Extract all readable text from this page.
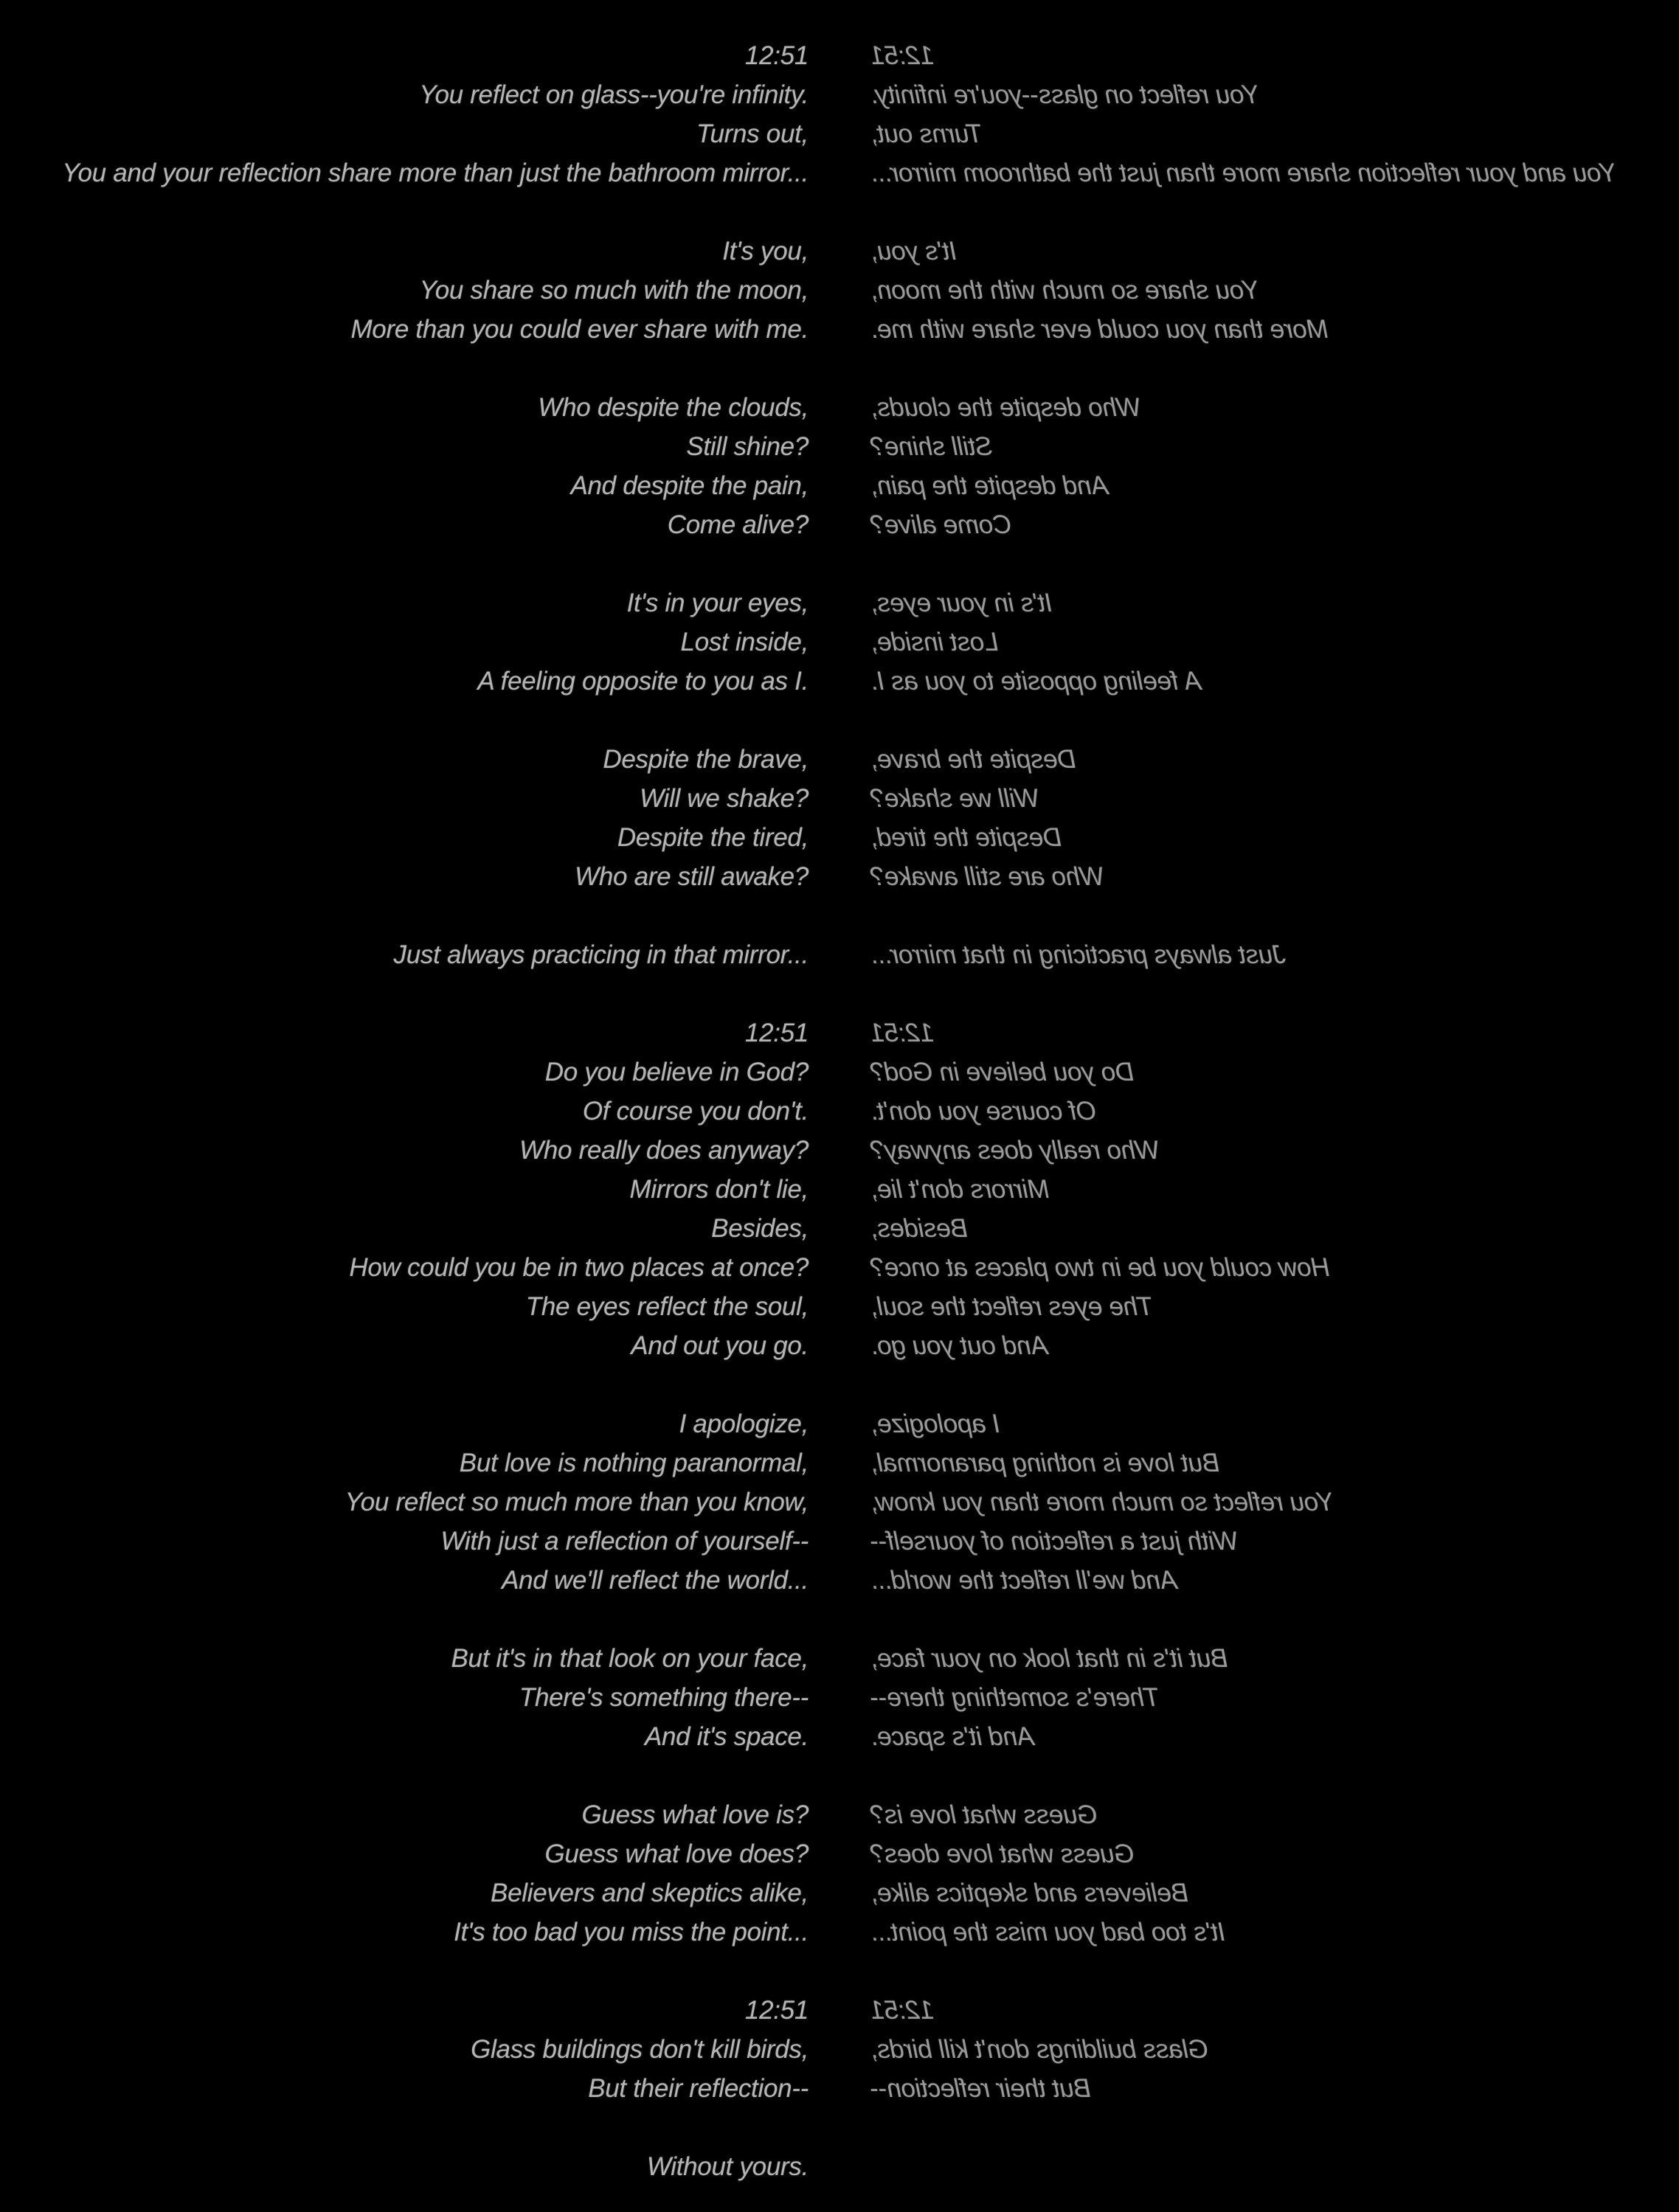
12:51
You reflect on glass--you're infinity.
Turns out,
You and your reflection share more than just the bathroom mirror...
It's you,
You share so much with the moon,
More than you could ever share with me.
Who despite the clouds,
Still shine?
And despite the pain,
Come alive?
It's in your eyes,
Lost inside,
A feeling opposite to you as I.
Despite the brave,
Will we shake?
Despite the tired,
Who are still awake?
Just always practicing in that mirror...
12:51
Do you believe in God?
Of course you don't.
Who really does anyway?
Mirrors don't lie,
Besides,
How could you be in two places at once?
The eyes reflect the soul,
And out you go.
I apologize,
But love is nothing paranormal,
You reflect so much more than you know,
With just a reflection of yourself--
And we'll reflect the world...
But it's in that look on your face,
There's something there--
And it's space.
Guess what love is?
Guess what love does?
Believers and skeptics alike,
It's too bad you miss the point...
12:51
Glass buildings don't kill birds,
But their reflection--
Without yours.
12:51
You reflect on glass--you're infinity.
Turns out,
You and your reflection share more than just the bathroom mirror...
It's you,
You share so much with the moon,
More than you could ever share with me.
Who despite the clouds,
Still shine?
And despite the pain,
Come alive?
It's in your eyes,
Lost inside,
A feeling opposite to you as I.
Despite the brave,
Will we shake?
Despite the tired,
Who are still awake?
Just always practicing in that mirror...
12:51
Do you believe in God?
Of course you don't.
Who really does anyway?
Mirrors don't lie,
Besides,
How could you be in two places at once?
The eyes reflect the soul,
And out you go.
I apologize,
But love is nothing paranormal,
You reflect so much more than you know,
With just a reflection of yourself--
And we'll reflect the world...
But it's in that look on your face,
There's something there--
And it's space.
Guess what love is?
Guess what love does?
Believers and skeptics alike,
It's too bad you miss the point...
12:51
Glass buildings don't kill birds,
But their reflection--
